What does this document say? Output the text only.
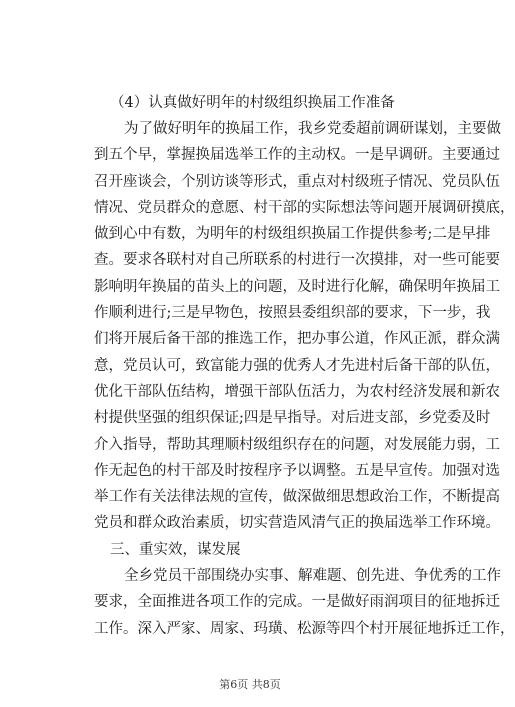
（4）认真做好明年的村级组织换届工作准备

为了做好明年的换届工作，我乡党委超前调研谋划，主要做

到五个早，掌握换届选举工作的主动权。一是早调研。主要通过

召开座谈会，个别访谈等形式，重点对村级班子情况、党员队伍

情况、党员群众的意愿、村干部的实际想法等问题开展调研摸底，

做到心中有数，为明年的村级组织换届工作提供参考;二是早排

查。要求各联村对自己所联系的村进行一次摸排，对一些可能要

影响明年换届的苗头上的问题，及时进行化解，确保明年换届工

作顺利进行;三是早物色，按照县委组织部的要求，下一步，我

们将开展后备干部的推选工作，把办事公道，作风正派，群众满

意，党员认可，致富能力强的优秀人才先进村后备干部的队伍，

优化干部队伍结构，增强干部队伍活力，为农村经济发展和新农

村提供坚强的组织保证;四是早指导。对后进支部，乡党委及时

介入指导，帮助其理顺村级组织存在的问题，对发展能力弱，工

作无起色的村干部及时按程序予以调整。五是早宣传。加强对选

举工作有关法律法规的宣传，做深做细思想政治工作，不断提高

党员和群众政治素质，切实营造风清气正的换届选举工作环境。

三、重实效，谋发展

全乡党员干部围绕办实事、解难题、创先进、争优秀的工作

要求，全面推进各项工作的完成。一是做好雨润项目的征地拆迁

工作。深入严家、周家、玛璜、松源等四个村开展征地拆迁工作，

第6页 共8页
